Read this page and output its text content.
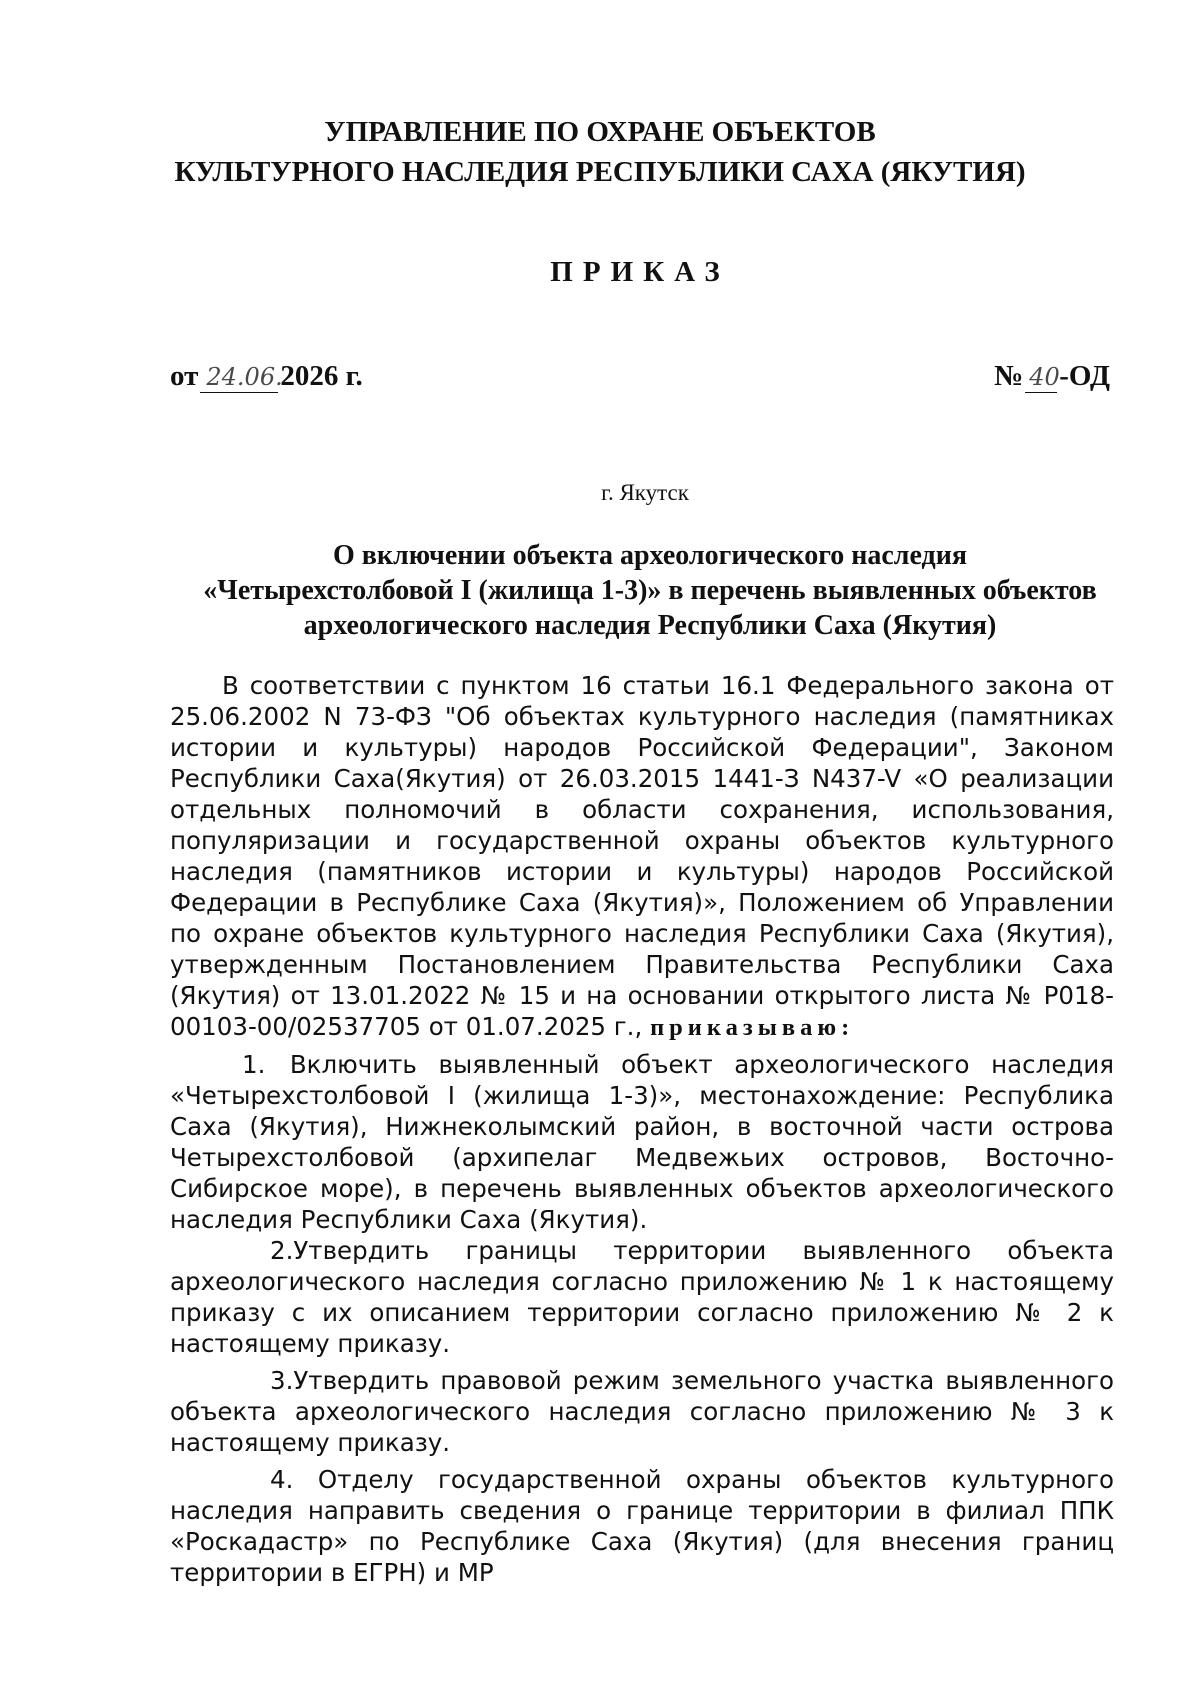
УПРАВЛЕНИЕ ПО ОХРАНЕ ОБЪЕКТОВ
КУЛЬТУРНОГО НАСЛЕДИЯ РЕСПУБЛИКИ САХА (ЯКУТИЯ)
ПРИКАЗ
от 24.06.
2026 г.	№ 40 -ОД
г. Якутск
О включении объекта археологического наследия
«Четырехстолбовой I (жилища 1-3)» в перечень выявленных объектов
археологического наследия Республики Саха (Якутия)

В соответствии с пунктом 16 статьи 16.1 Федерального закона от 25.06.2002 N 73-ФЗ "Об объектах культурного наследия (памятниках истории и культуры) народов Российской Федерации", Законом Республики Саха(Якутия) от 26.03.2015 1441-З N437-V «О реализации отдельных полномочий в области сохранения, использования, популяризации и государственной охраны объектов культурного наследия (памятников истории и культуры) народов Российской Федерации в Республике Саха (Якутия)», Положением об Управлении по охране объектов культурного наследия Республики Саха (Якутия), утвержденным Постановлением Правительства Республики Саха (Якутия) от 13.01.2022 № 15 и на основании открытого листа № Р018-00103-00/02537705 от 01.07.2025 г., приказываю:

1. Включить выявленный объект археологического наследия «Четырехстолбовой I (жилища 1-3)», местонахождение: Республика Саха (Якутия), Нижнеколымский район, в восточной части острова Четырехстолбовой (архипелаг Медвежьих островов, Восточно-Сибирское море), в перечень выявленных объектов археологического наследия Республики Саха (Якутия).

2.Утвердить границы территории выявленного объекта археологического наследия согласно приложению № 1 к настоящему приказу с их описанием территории согласно приложению № 2 к настоящему приказу.

3.Утвердить правовой режим земельного участка выявленного объекта археологического наследия согласно приложению № 3 к настоящему приказу.

4. Отделу государственной охраны объектов культурного наследия направить сведения о границе территории в филиал ППК «Роскадастр» по Республике Саха (Якутия) (для внесения границ территории в ЕГРН) и МР
